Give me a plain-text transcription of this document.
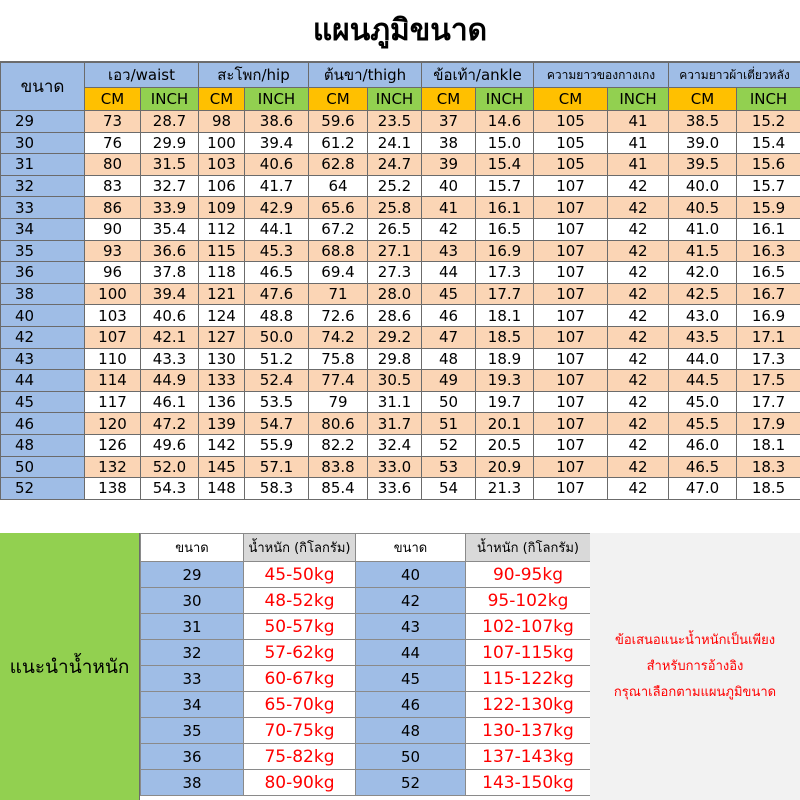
แผนภูมิขนาด
ขนาด	เอว/waist		สะโพก/hip		ต้นขา/thigh		ข้อเท้า/ankle		ความยาวของกางเกง		ความยาวผ้าเตี่ยวหลัง	
	CM	INCH	CM	INCH	CM	INCH	CM	INCH	CM	INCH	CM	INCH
29	73	28.7	98	38.6	59.6	23.5	37	14.6	105	41	38.5	15.2
30	76	29.9	100	39.4	61.2	24.1	38	15.0	105	41	39.0	15.4
31	80	31.5	103	40.6	62.8	24.7	39	15.4	105	41	39.5	15.6
32	83	32.7	106	41.7	64	25.2	40	15.7	107	42	40.0	15.7
33	86	33.9	109	42.9	65.6	25.8	41	16.1	107	42	40.5	15.9
34	90	35.4	112	44.1	67.2	26.5	42	16.5	107	42	41.0	16.1
35	93	36.6	115	45.3	68.8	27.1	43	16.9	107	42	41.5	16.3
36	96	37.8	118	46.5	69.4	27.3	44	17.3	107	42	42.0	16.5
38	100	39.4	121	47.6	71	28.0	45	17.7	107	42	42.5	16.7
40	103	40.6	124	48.8	72.6	28.6	46	18.1	107	42	43.0	16.9
42	107	42.1	127	50.0	74.2	29.2	47	18.5	107	42	43.5	17.1
43	110	43.3	130	51.2	75.8	29.8	48	18.9	107	42	44.0	17.3
44	114	44.9	133	52.4	77.4	30.5	49	19.3	107	42	44.5	17.5
45	117	46.1	136	53.5	79	31.1	50	19.7	107	42	45.0	17.7
46	120	47.2	139	54.7	80.6	31.7	51	20.1	107	42	45.5	17.9
48	126	49.6	142	55.9	82.2	32.4	52	20.5	107	42	46.0	18.1
50	132	52.0	145	57.1	83.8	33.0	53	20.9	107	42	46.5	18.3
52	138	54.3	148	58.3	85.4	33.6	54	21.3	107	42	47.0	18.5
แนะนำน้ำหนัก
ขนาด	น้ำหนัก (กิโลกรัม)
29	45-50kg
30	48-52kg
31	50-57kg
32	57-62kg
33	60-67kg
34	65-70kg
35	70-75kg
36	75-82kg
38	80-90kg
ขนาด	น้ำหนัก (กิโลกรัม)
40	90-95kg
42	95-102kg
43	102-107kg
44	107-115kg
45	115-122kg
46	122-130kg
48	130-137kg
50	137-143kg
52	143-150kg
ข้อเสนอแนะน้ำหนักเป็นเพียง
สำหรับการอ้างอิง
กรุณาเลือกตามแผนภูมิขนาด
